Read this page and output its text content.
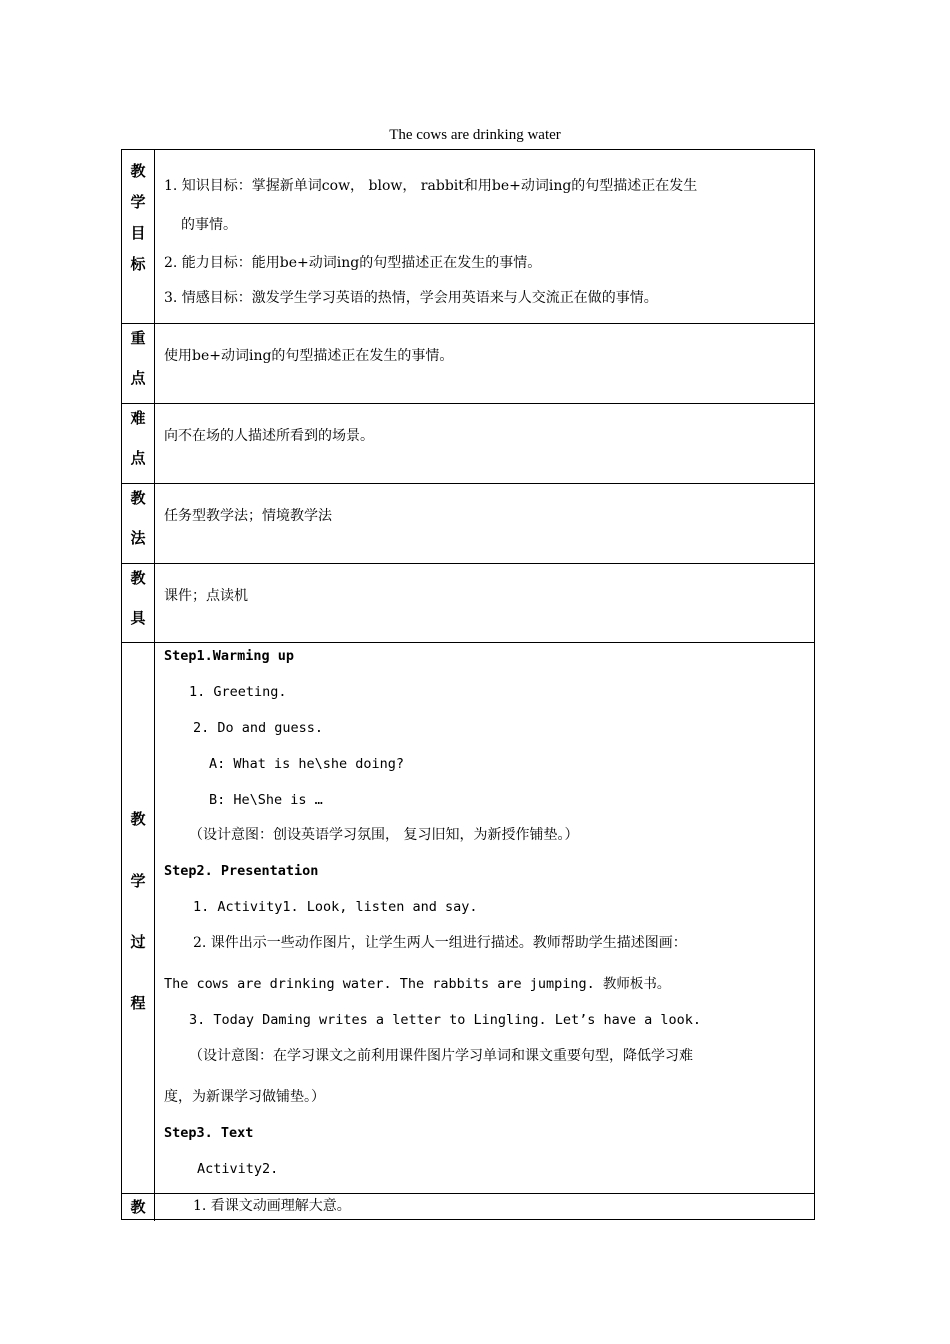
The cows are drinking water
教
学
目
标
1. 知识目标：掌握新单词cow， blow， rabbit和用be+动词ing的句型描述正在发生
的事情。
2. 能力目标：能用be+动词ing的句型描述正在发生的事情。
3. 情感目标：激发学生学习英语的热情，学会用英语来与人交流正在做的事情。
重
点
使用be+动词ing的句型描述正在发生的事情。
难
点
向不在场的人描述所看到的场景。
教
法
任务型教学法；情境教学法
教
具
课件；点读机
教
学
过
程
Step1.Warming up
1. Greeting.
2. Do and guess.
A: What is he\she doing?
B: He\She is …
（设计意图：创设英语学习氛围， 复习旧知，为新授作铺垫。）
Step2. Presentation
1. Activity1. Look, listen and say.
2. 课件出示一些动作图片，让学生两人一组进行描述。教师帮助学生描述图画：
The cows are drinking water. The rabbits are jumping. 教师板书。
3. Today Daming writes a letter to Lingling. Let’s have a look.
（设计意图：在学习课文之前利用课件图片学习单词和课文重要句型，降低学习难
度，为新课学习做铺垫。）
Step3. Text
Activity2.
教	1. 看课文动画理解大意。
